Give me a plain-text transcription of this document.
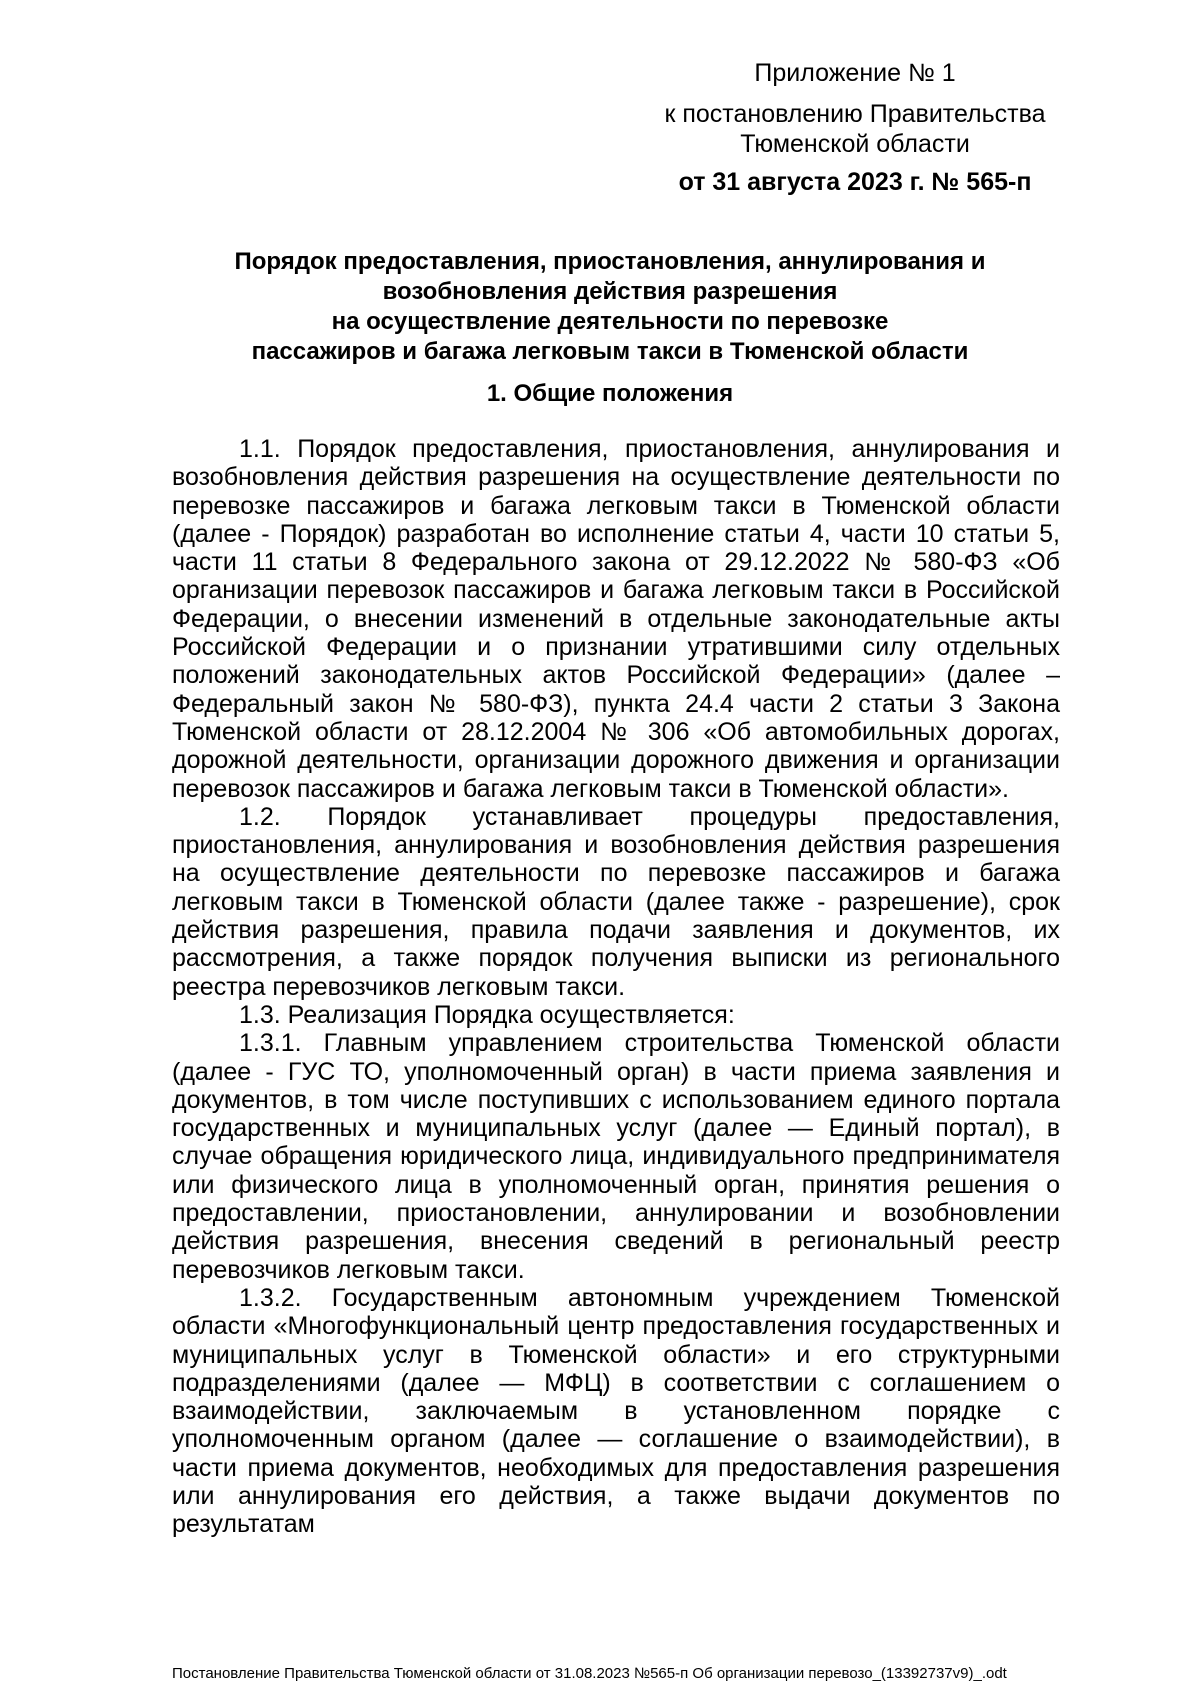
Приложение № 1
к постановлению Правительства
Тюменской области
от 31 августа 2023 г. № 565-п
Порядок предоставления, приостановления, аннулирования и
возобновления действия разрешения
на осуществление деятельности по перевозке
пассажиров и багажа легковым такси в Тюменской области
1. Общие положения

1.1. Порядок предоставления, приостановления, аннулирования и возобновления действия разрешения на осуществление деятельности по перевозке пассажиров и багажа легковым такси в Тюменской области (далее - Порядок) разработан во исполнение статьи 4, части 10 статьи 5, части 11 статьи 8 Федерального закона от 29.12.2022 № 580-ФЗ «Об организации перевозок пассажиров и багажа легковым такси в Российской Федерации, о внесении изменений в отдельные законодательные акты Российской Федерации и о признании утратившими силу отдельных положений законодательных актов Российской Федерации» (далее – Федеральный закон № 580-ФЗ), пункта 24.4 части 2 статьи 3 Закона Тюменской области от 28.12.2004 № 306 «Об автомобильных дорогах, дорожной деятельности, организации дорожного движения и организации перевозок пассажиров и багажа легковым такси в Тюменской области».

1.2. Порядок устанавливает процедуры предоставления, приостановления, аннулирования и возобновления действия разрешения на осуществление деятельности по перевозке пассажиров и багажа легковым такси в Тюменской области (далее также - разрешение), срок действия разрешения, правила подачи заявления и документов, их рассмотрения, а также порядок получения выписки из регионального реестра перевозчиков легковым такси.

1.3. Реализация Порядка осуществляется:

1.3.1. Главным управлением строительства Тюменской области (далее - ГУС ТО, уполномоченный орган) в части приема заявления и документов, в том числе поступивших с использованием единого портала государственных и муниципальных услуг (далее — Единый портал), в случае обращения юридического лица, индивидуального предпринимателя или физического лица в уполномоченный орган, принятия решения о предоставлении, приостановлении, аннулировании и возобновлении действия разрешения, внесения сведений в региональный реестр перевозчиков легковым такси.

1.3.2. Государственным автономным учреждением Тюменской области «Многофункциональный центр предоставления государственных и муниципальных услуг в Тюменской области» и его структурными подразделениями (далее — МФЦ) в соответствии с соглашением о взаимодействии, заключаемым в установленном порядке с уполномоченным органом (далее — соглашение о взаимодействии), в части приема документов, необходимых для предоставления разрешения или аннулирования его действия, а также выдачи документов по результатам

Постановление Правительства Тюменской области от 31.08.2023 №565-п Об организации перевозо_(13392737v9)_.odt
